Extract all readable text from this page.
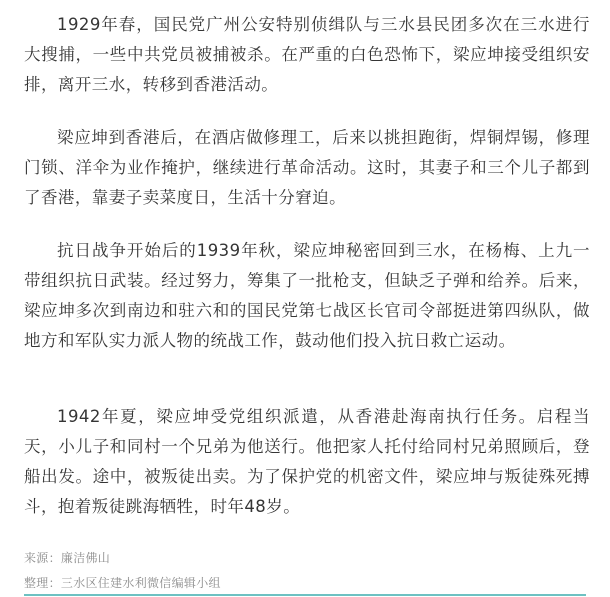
1929年春，国民党广州公安特别侦缉队与三水县民团多次在三水进行大搜捕，一些中共党员被捕被杀。在严重的白色恐怖下，梁应坤接受组织安排，离开三水，转移到香港活动。

梁应坤到香港后，在酒店做修理工，后来以挑担跑街，焊铜焊锡，修理门锁、洋伞为业作掩护，继续进行革命活动。这时，其妻子和三个儿子都到了香港，靠妻子卖菜度日，生活十分窘迫。

抗日战争开始后的1939年秋，梁应坤秘密回到三水，在杨梅、上九一带组织抗日武装。经过努力，筹集了一批枪支，但缺乏子弹和给养。后来，梁应坤多次到南边和驻六和的国民党第七战区长官司令部挺进第四纵队，做地方和军队实力派人物的统战工作，鼓动他们投入抗日救亡运动。

1942年夏，梁应坤受党组织派遣，从香港赴海南执行任务。启程当天，小儿子和同村一个兄弟为他送行。他把家人托付给同村兄弟照顾后，登船出发。途中，被叛徒出卖。为了保护党的机密文件，梁应坤与叛徒殊死搏斗，抱着叛徒跳海牺牲，时年48岁。

来源：廉洁佛山
整理：三水区住建水利微信编辑小组
